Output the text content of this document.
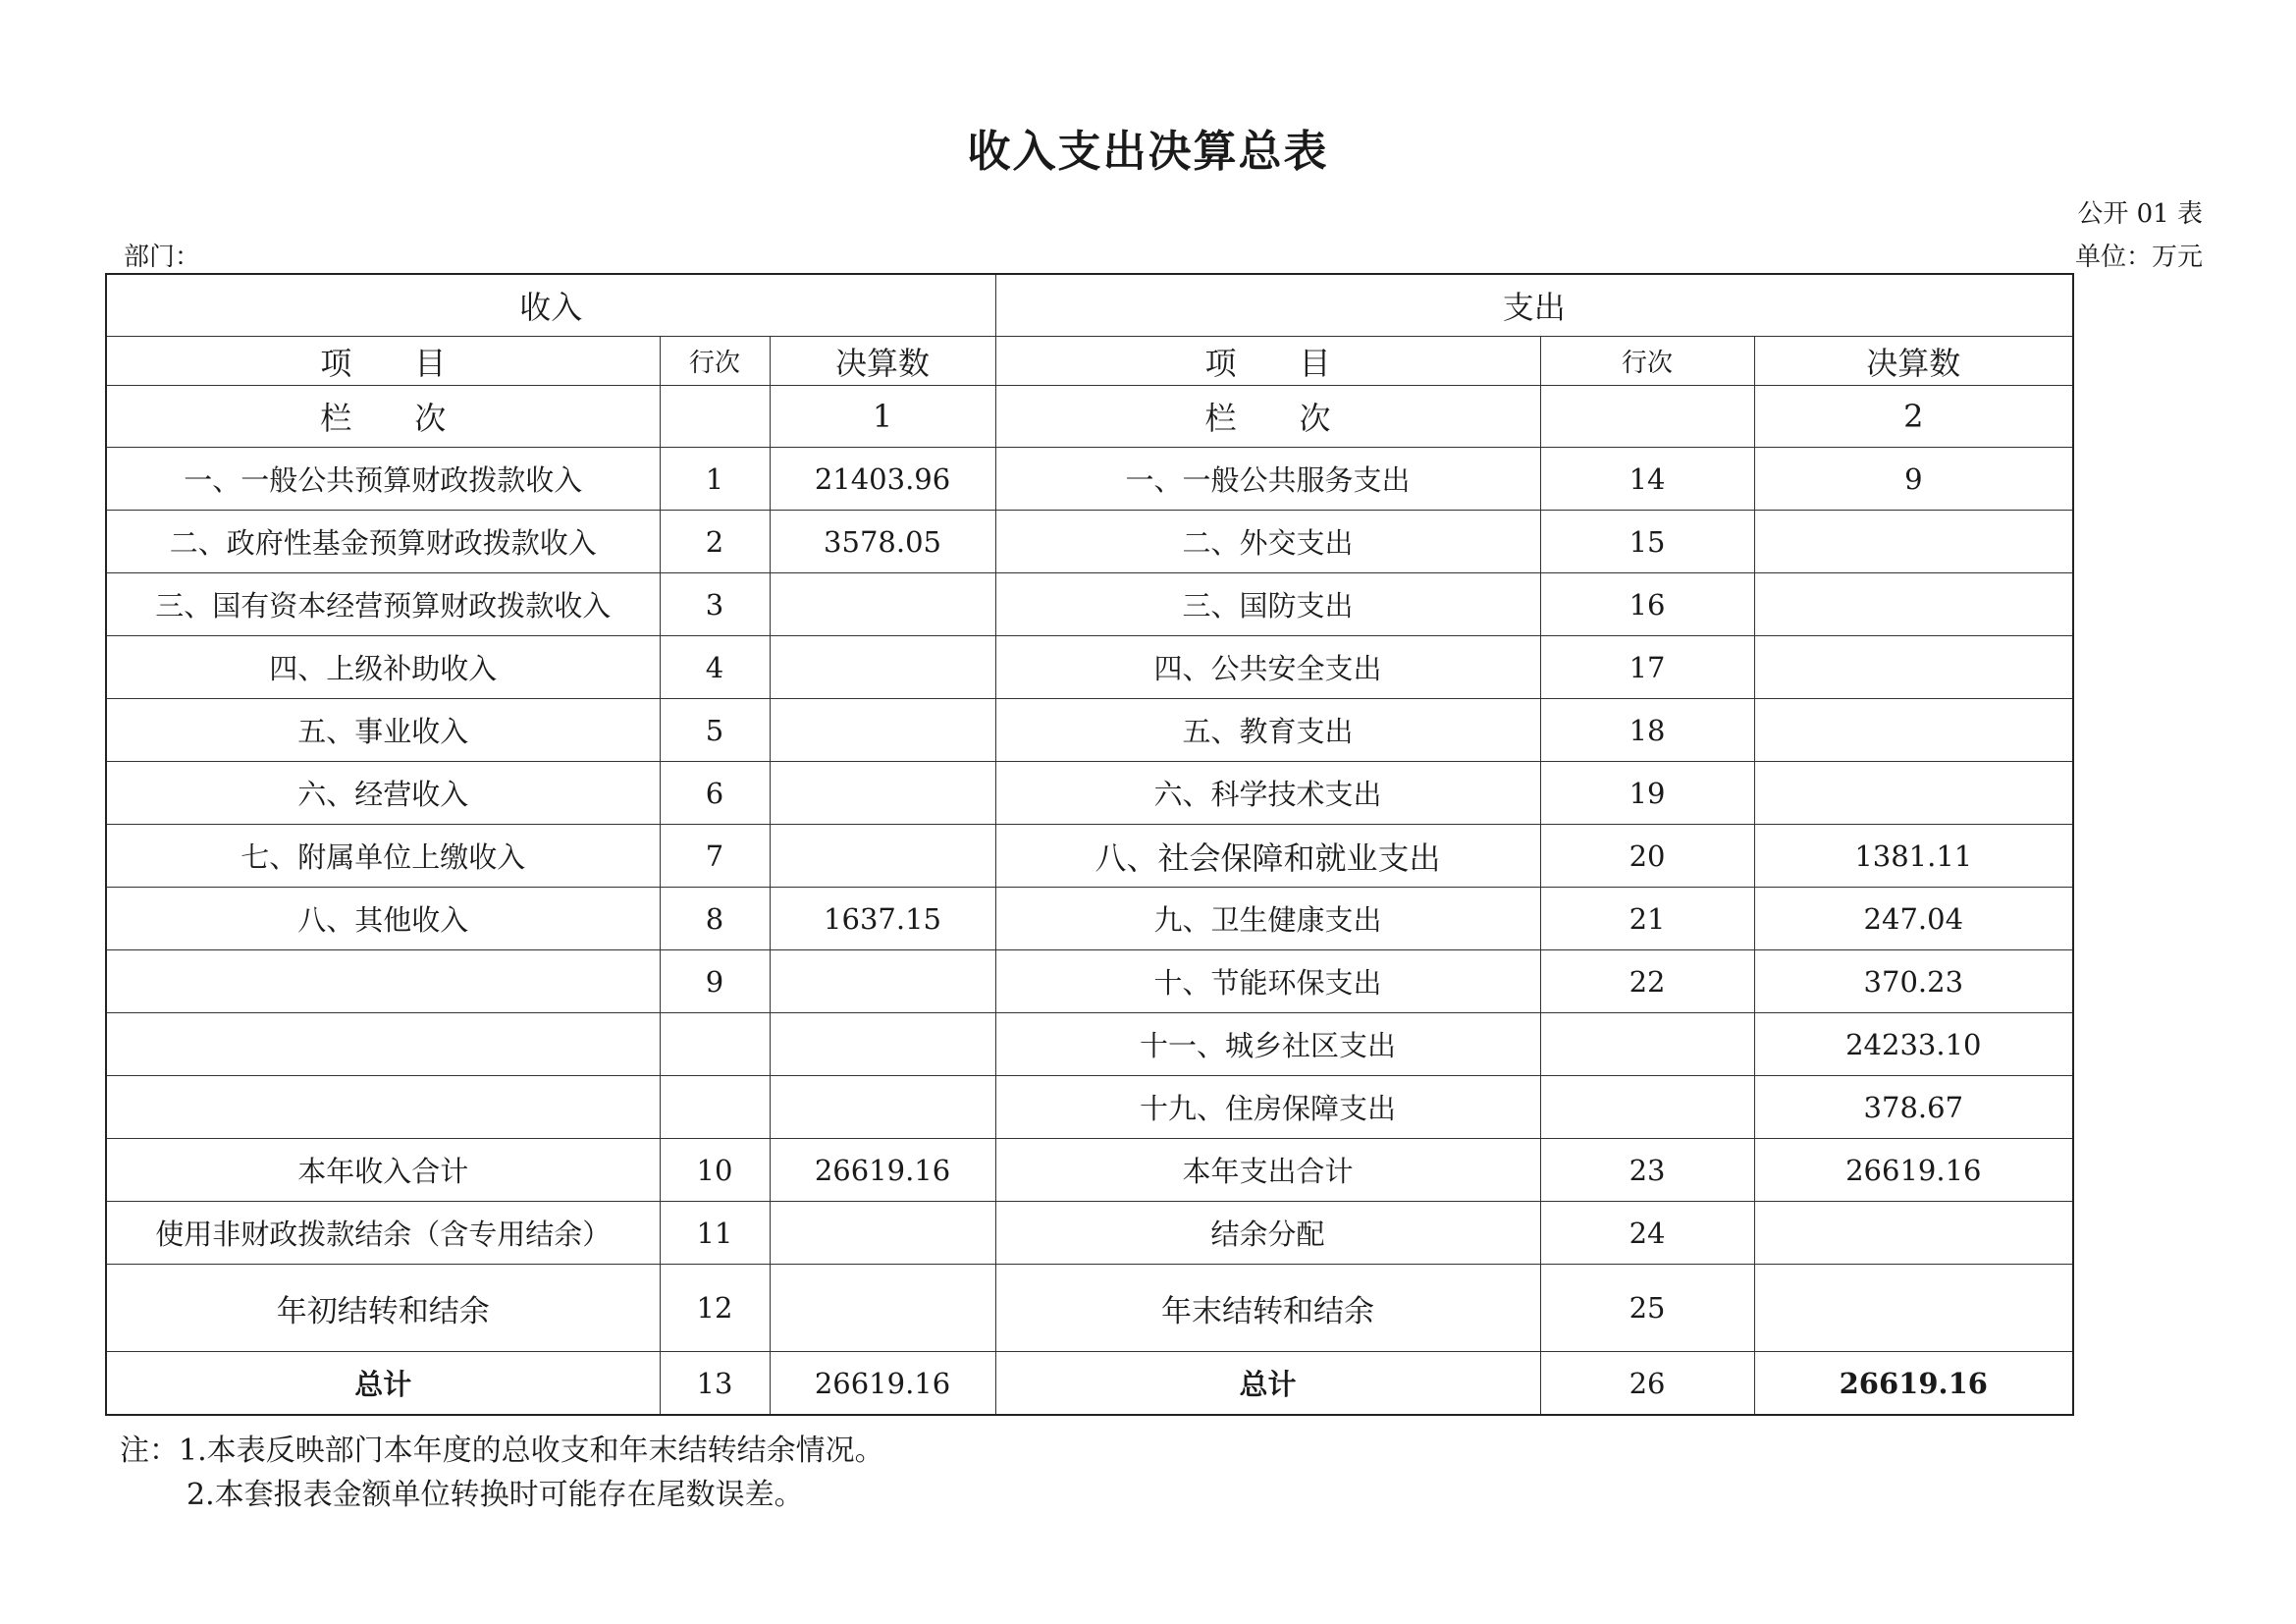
收入支出决算总表
公开 01 表
部门：	单位：万元
收入			支出		
项　　目	行次	决算数	项　　目	行次	决算数
栏　　次		1	栏　　次		2
一、一般公共预算财政拨款收入	1	21403.96	一、一般公共服务支出	14	9
二、政府性基金预算财政拨款收入	2	3578.05	二、外交支出	15	
三、国有资本经营预算财政拨款收入	3		三、国防支出	16	
四、上级补助收入	4		四、公共安全支出	17	
五、事业收入	5		五、教育支出	18	
六、经营收入	6		六、科学技术支出	19	
七、附属单位上缴收入	7		八、社会保障和就业支出	20	1381.11
八、其他收入	8	1637.15	九、卫生健康支出	21	247.04
	9		十、节能环保支出	22	370.23
			十一、城乡社区支出		24233.10
			十九、住房保障支出		378.67
本年收入合计	10	26619.16	本年支出合计	23	26619.16
使用非财政拨款结余（含专用结余）	11		结余分配	24	
年初结转和结余	12		年末结转和结余	25	
总计	13	26619.16	总计	26	26619.16
注：1.本表反映部门本年度的总收支和年末结转结余情况。
2.本套报表金额单位转换时可能存在尾数误差。
